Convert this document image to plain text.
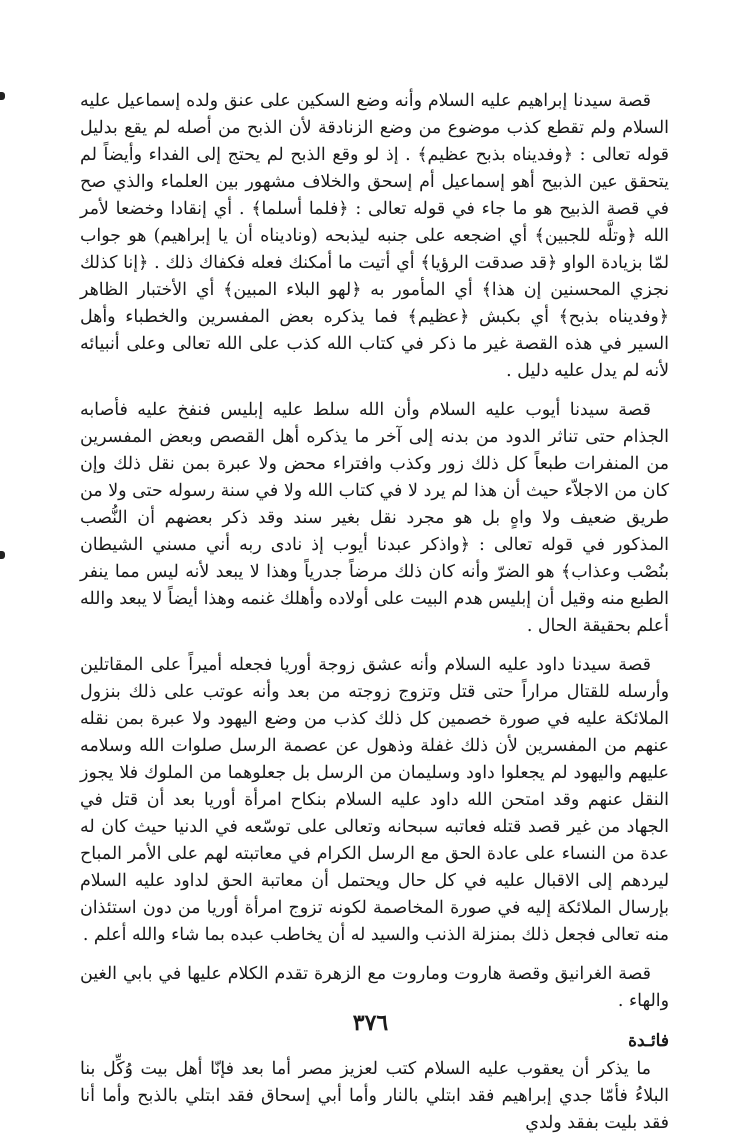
قصة سيدنا إبراهيم عليه السلام وأنه وضع السكين على عنق ولده إسماعيل عليه السلام ولم تقطع كذب موضوع من وضع الزنادقة لأن الذبح من أصله لم يقع بدليل قوله تعالى : ﴿وفديناه بذبح عظيم﴾ . إذ لو وقع الذبح لم يحتج إلى الفداء وأيضاً لم يتحقق عين الذبيح أهو إسماعيل أم إسحق والخلاف مشهور بين العلماء والذي صح في قصة الذبيح هو ما جاء في قوله تعالى : ﴿فلما أسلما﴾ . أي إنقادا وخضعا لأمر الله ﴿وتلَّه للجبين﴾ أي اضجعه على جنبه ليذبحه (وناديناه أن يا إبراهيم) هو جواب لمّا بزيادة الواو ﴿قد صدقت الرؤيا﴾ أي أتيت ما أمكنك فعله فكفاك ذلك . ﴿إنا كذلك نجزي المحسنين إن هذا﴾ أي المأمور به ﴿لهو البلاء المبين﴾ أي الأختبار الظاهر ﴿وفديناه بذبح﴾ أي بكبش ﴿عظيم﴾ فما يذكره بعض المفسرين والخطباء وأهل السير في هذه القصة غير ما ذكر في كتاب الله كذب على الله تعالى وعلى أنبيائه لأنه لم يدل عليه دليل .

قصة سيدنا أيوب عليه السلام وأن الله سلط عليه إبليس فنفخ عليه فأصابه الجذام حتى تناثر الدود من بدنه إلى آخر ما يذكره أهل القصص وبعض المفسرين من المنفرات طبعاً كل ذلك زور وكذب وافتراء محض ولا عبرة بمن نقل ذلك وإن كان من الاجلاّء حيث أن هذا لم يرد لا في كتاب الله ولا في سنة رسوله حتى ولا من طريق ضعيف ولا واهٍ بل هو مجرد نقل بغير سند وقد ذكر بعضهم أن النُّصب المذكور في قوله تعالى : ﴿واذكر عبدنا أيوب إذ نادى ربه أني مسني الشيطان بنُصْب وعذاب﴾ هو الضرّ وأنه كان ذلك مرضاً جدرياً وهذا لا يبعد لأنه ليس مما ينفر الطبع منه وقيل أن إبليس هدم البيت على أولاده وأهلك غنمه وهذا أيضاً لا يبعد والله أعلم بحقيقة الحال .

قصة سيدنا داود عليه السلام وأنه عشق زوجة أوريا فجعله أميراً على المقاتلين وأرسله للقتال مراراً حتى قتل وتزوج زوجته من بعد وأنه عوتب على ذلك بنزول الملائكة عليه في صورة خصمين كل ذلك كذب من وضع اليهود ولا عبرة بمن نقله عنهم من المفسرين لأن ذلك غفلة وذهول عن عصمة الرسل صلوات الله وسلامه عليهم واليهود لم يجعلوا داود وسليمان من الرسل بل جعلوهما من الملوك فلا يجوز النقل عنهم وقد امتحن الله داود عليه السلام بنكاح امرأة أوريا بعد أن قتل في الجهاد من غير قصد قتله فعاتبه سبحانه وتعالى على توسّعه في الدنيا حيث كان له عدة من النساء على عادة الحق مع الرسل الكرام في معاتبته لهم على الأمر المباح ليردهم إلى الاقبال عليه في كل حال ويحتمل أن معاتبة الحق لداود عليه السلام بإرسال الملائكة إليه في صورة المخاصمة لكونه تزوج امرأة أوريا من دون استئذان منه تعالى فجعل ذلك بمنزلة الذنب والسيد له أن يخاطب عبده بما شاء والله أعلم .

قصة الغرانيق وقصة هاروت وماروت مع الزهرة تقدم الكلام عليها في بابي الغين والهاء .

فائـدة

ما يذكر أن يعقوب عليه السلام كتب لعزيز مصر أما بعد فإنّا أهل بيت وُكِّل بنا البلاءُ فأمّا جدي إبراهيم فقد ابتلي بالنار وأما أبي إسحاق فقد ابتلي بالذبح وأما أنا فقد بليت بفقد ولدي

٣٧٦
